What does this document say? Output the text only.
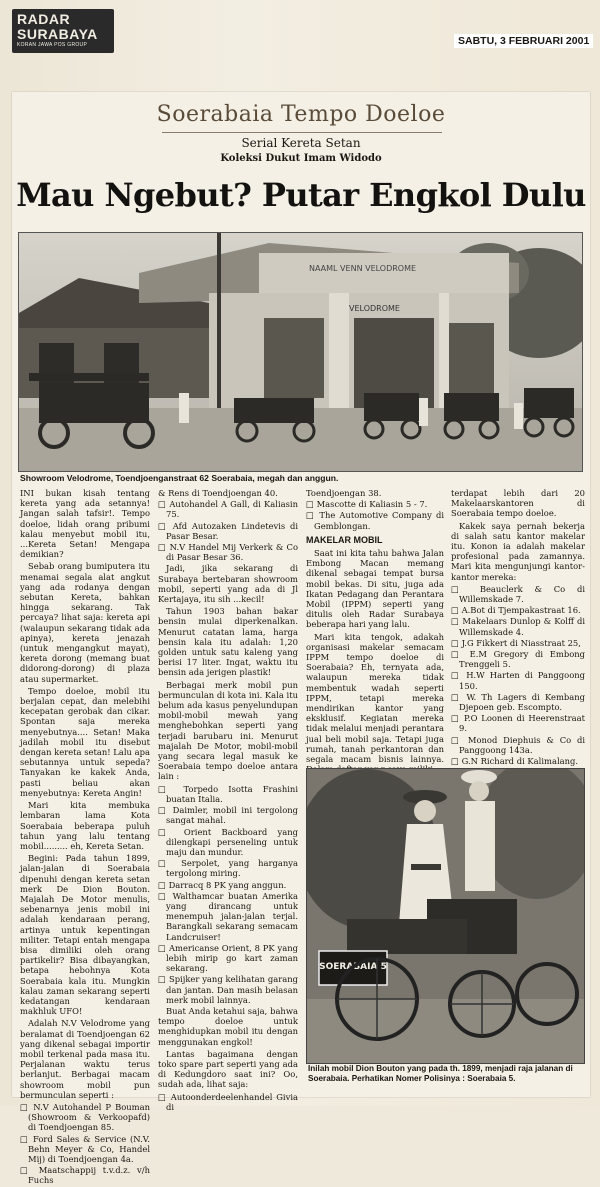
RADAR
SURABAYA
KORAN JAWA POS GROUP	SABTU, 3 FEBRUARI 2001
Soerabaia Tempo Doeloe
Serial Kereta Setan
Koleksi Dukut Imam Widodo
Mau Ngebut? Putar Engkol Dulu
NAAML VENN VELODROME
VELODROME
Showroom Velodrome, Toendjoenganstraat 62 Soerabaia, megah dan anggun.

INI bukan kisah tentang kereta yang ada setannya! Jangan salah tafsir!. Tempo doeloe, lidah orang pribumi kalau menyebut mobil itu, ...Kereta Setan! Mengapa demikian?

Sebab orang bumiputera itu menamai segala alat angkut yang ada rodanya dengan sebutan Kereta, bahkan hingga sekarang. Tak percaya? lihat saja: kereta api (walaupun sekarang tidak ada apinya), kereta jenazah (untuk mengangkut mayat), kereta dorong (memang buat didorong-dorong) di plaza atau supermarket.

Tempo doeloe, mobil itu berjalan cepat, dan melebihi kecepatan gerobak dan cikar. Spontan saja mereka menyebutnya.... Setan! Maka jadilah mobil itu disebut dengan kereta setan! Lalu apa sebutannya untuk sepeda? Tanyakan ke kakek Anda, pasti beliau akan menyebutnya: Kereta Angin!

Mari kita membuka lembaran lama Kota Soerabaia beberapa puluh tahun yang lalu tentang mobil......... eh, Kereta Setan.

Begini: Pada tahun 1899, jalan-jalan di Soerabaia dipenuhi dengan kereta setan merk De Dion Bouton. Majalah De Motor menulis, sebenarnya jenis mobil ini adalah kendaraan perang, artinya untuk kepentingan militer. Tetapi entah mengapa bisa dimiliki oleh orang partikelir? Bisa dibayangkan, betapa hebohnya Kota Soerabaia kala itu. Mungkin kalau zaman sekarang seperti kedatangan kendaraan makhluk UFO!

Adalah N.V Velodrome yang beralamat di Toendjoengan 62 yang dikenal sebagai importir mobil terkenal pada masa itu. Perjalanan waktu terus berlanjut. Berbagai macam showroom mobil pun bermunculan seperti :

□ N.V Autohandel P Bouman (Showroom & Verkoopafd) di Toendjoengan 85.
□ Ford Sales & Service (N.V. Behn Meyer & Co, Handel Mij) di Toendjoengan 4a.
□ Maatschappij t.v.d.z. v/h Fuchs
& Rens di Toendjoengan 40.
□ Autohandel A Gall, di Kaliasin 75.
□ Afd Autozaken Lindetevis di Pasar Besar.
□ N.V Handel Mij Verkerk & Co di Pasar Besar 36.

Jadi, jika sekarang di Surabaya bertebaran showroom mobil, seperti yang ada di Jl Kertajaya, itu sih ...kecil!

Tahun 1903 bahan bakar bensin mulai diperkenalkan. Menurut catatan lama, harga bensin kala itu adalah: 1,20 golden untuk satu kaleng yang berisi 17 liter. Ingat, waktu itu bensin ada jerigen plastik!

Berbagai merk mobil pun bermunculan di kota ini. Kala itu belum ada kasus penyelundupan mobil-mobil mewah yang menghebohkan seperti yang terjadi barubaru ini. Menurut majalah De Motor, mobil-mobil yang secara legal masuk ke Soerabaia tempo doeloe antara lain :

□ Torpedo Isotta Frashini buatan Italia.
□ Daimler, mobil ini tergolong sangat mahal.
□ Orient Backboard yang dilengkapi perseneling untuk maju dan mundur.
□ Serpolet, yang harganya tergolong miring.
□ Darracq 8 PK yang anggun.
□ Walthamcar buatan Amerika yang dirancang untuk menempuh jalan-jalan terjal. Barangkali sekarang semacam Landcruiser!
□ Americanse Orient, 8 PK yang lebih mirip go kart zaman sekarang.
□ Spijker yang kelihatan garang dan jantan. Dan masih belasan merk mobil lainnya.

Buat Anda ketahui saja, bahwa tempo doeloe untuk menghidupkan mobil itu dengan menggunakan engkol!

Lantas bagaimana dengan toko spare part seperti yang ada di Kedungdoro saat ini? Oo, sudah ada, lihat saja:

□ Autoonderdeelenhandel Givia di
Toendjoengan 38.
□ Mascotte di Kaliasin 5 - 7.
□ The Automotive Company di Gemblongan.
MAKELAR MOBIL

Saat ini kita tahu bahwa Jalan Embong Macan memang dikenal sebagai tempat bursa mobil bekas. Di situ, juga ada Ikatan Pedagang dan Perantara Mobil (IPPM) seperti yang ditulis oleh Radar Surabaya beberapa hari yang lalu.

Mari kita tengok, adakah organisasi makelar semacam IPPM tempo doeloe di Soerabaia? Eh, ternyata ada, walaupun mereka tidak membentuk wadah seperti IPPM, tetapi mereka mendirikan kantor yang eksklusif. Kegiatan mereka tidak melalui menjadi perantara jual beli mobil saja. Tetapi juga rumah, tanah perkantoran dan segala macam bisnis lainnya.

terdapat lebih dari 20 Makelaarskantoren di Soerabaia tempo doeloe.

Kakek saya pernah bekerja di salah satu kantor makelar itu. Konon ia adalah makelar profesional pada zamannya. Mari kita mengunjungi kantor-kantor mereka:

□ Beauclerk & Co di Willemskade 7.
□ A.Bot di Tjempakastraat 16.
□ Makelaars Dunlop & Kolff di Willemskade 4.
□ J.G Fikkert di Niasstraat 25,
□ E.M Gregory di Embong Trenggeli 5.
□ H.W Harten di Panggoong 150.
□ W. Th Lagers di Kembang Djepoen geb. Escompto.
□ P.O Loonen di Heerenstraat 9.
□ Monod Diephuis & Co di Panggoong 143a.
□ G.N Richard di Kalimalang.

SOERABAIA 5
Inilah mobil Dion Bouton yang pada th. 1899, menjadi raja jalanan di Soerabaia. Perhatikan Nomer Polisinya : Soerabaia 5.
